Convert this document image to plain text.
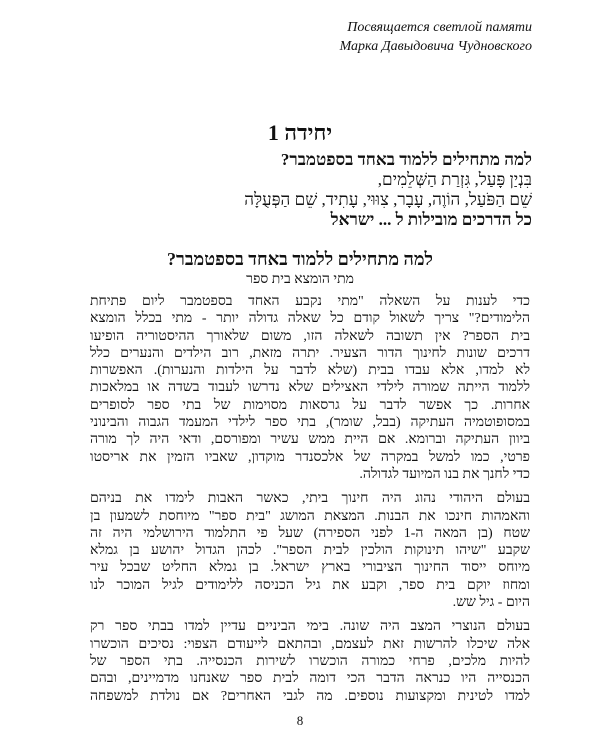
Посвящается светлой памяти
Марка Давыдовича Чудновского
יחידה 1
למה מתחילים ללמוד באחד בספטמבר?
בִּנְיַן פָּעַל, גִּזְרַת הַשְּׁלֵמִים,
שֵׁם הַפֹּעַל, הוֹוֶה, עָבָר, צִוּוּי, עָתִיד, שֵׁם הַפְּעֻלָּה
כל הדרכים מובילות ל ... ישראל
למה מתחילים ללמוד באחד בספטמבר?
מתי הומצא בית ספר
כדי לענות על השאלה "מתי נקבע האחד בספטמבר ליום פתיחת
הלימודים?" צריך לשאול קודם כל שאלה גדולה יותר - מתי בכלל הומצא
בית הספר? אין תשובה לשאלה הזו, משום שלאורך ההיסטוריה הופיעו
דרכים שונות לחינוך הדור הצעיר. יתרה מזאת, רוב הילדים והנערים כלל
לא למדו, אלא עבדו בבית (שלא לדבר על הילדות והנערות). האפשרות
ללמוד הייתה שמורה לילדי האצילים שלא נדרשו לעבוד בשדה או במלאכות
אחרות. כך אפשר לדבר על גרסאות מסוימות של בתי ספר לסופרים
במסופוטמיה העתיקה (בבל, שומר), בתי ספר לילדי המעמד הגבוה והבינוני
ביוון העתיקה וברומא. אם היית ממש עשיר ומפורסם, ודאי היה לך מורה
פרטי, כמו למשל במקרה של אלכסנדר מוקדון, שאביו הזמין את אריסטו
כדי לחנך את בנו המיועד לגדולה.
בעולם היהודי נהוג היה חינוך ביתי, כאשר האבות לימדו את בניהם
והאמהות חינכו את הבנות. המצאת המושג "בית ספר" מיוחסת לשמעון בן
שטח (בן המאה ה-1 לפני הספירה) שעל פי התלמוד הירושלמי היה זה
שקבע "שיהו תינוקות הולכין לבית הספר". לכהן הגדול יהושע בן גמלא
מיוחס ייסוד החינוך הציבורי בארץ ישראל. בן גמלא החליט שבכל עיר
ומחוז יוקם בית ספר, וקבע את גיל הכניסה ללימודים לגיל המוכר לנו
היום - גיל שש.
בעולם הנוצרי המצב היה שונה. בימי הביניים עדיין למדו בבתי ספר רק
אלה שיכלו להרשות זאת לעצמם, ובהתאם לייעודם הצפוי: נסיכים הוכשרו
להיות מלכים, פרחי כמורה הוכשרו לשירות הכנסייה. בתי הספר של
הכנסייה היו כנראה הדבר הכי דומה לבית ספר שאנחנו מדמיינים, ובהם
למדו לטינית ומקצועות נוספים. מה לגבי האחרים? אם נולדת למשפחה
8
